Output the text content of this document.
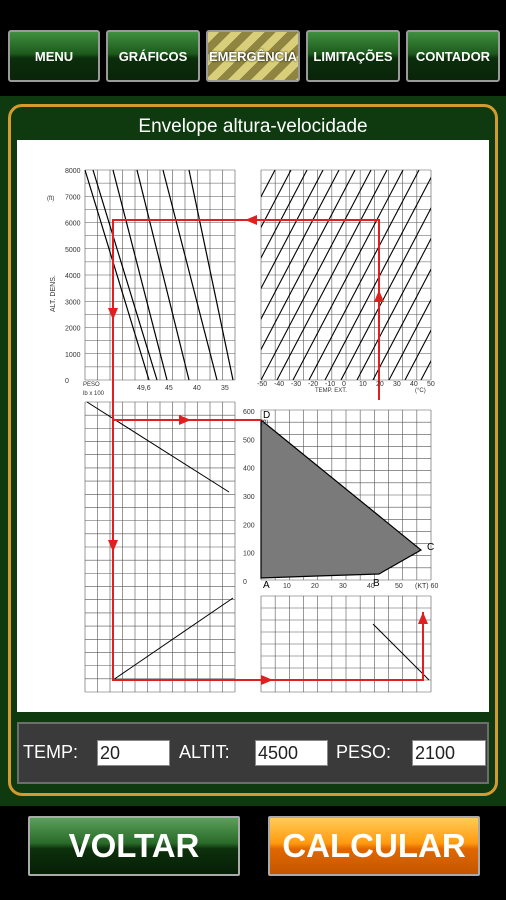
MENU	GRÁFICOS	EMERGÊNCIA	LIMITAÇÕES	CONTADOR
Envelope altura-velocidade
8000
7000
6000
5000
4000
3000
2000
1000
0
(ft)
ALT. DENS.
PESO
lb x 100
49,6 45	40	35
-50 -40 -30 -20 -10 0 10 20 30 40 50
TEMP. EXT.	(°C)
600
500
400
300
200
100
0
(ft)
10	20	30	40	50 (KT) 60
D
C
B
A
TEMP:
20	ALTIT:
4500	PESO:
2100
VOLTAR	CALCULAR
